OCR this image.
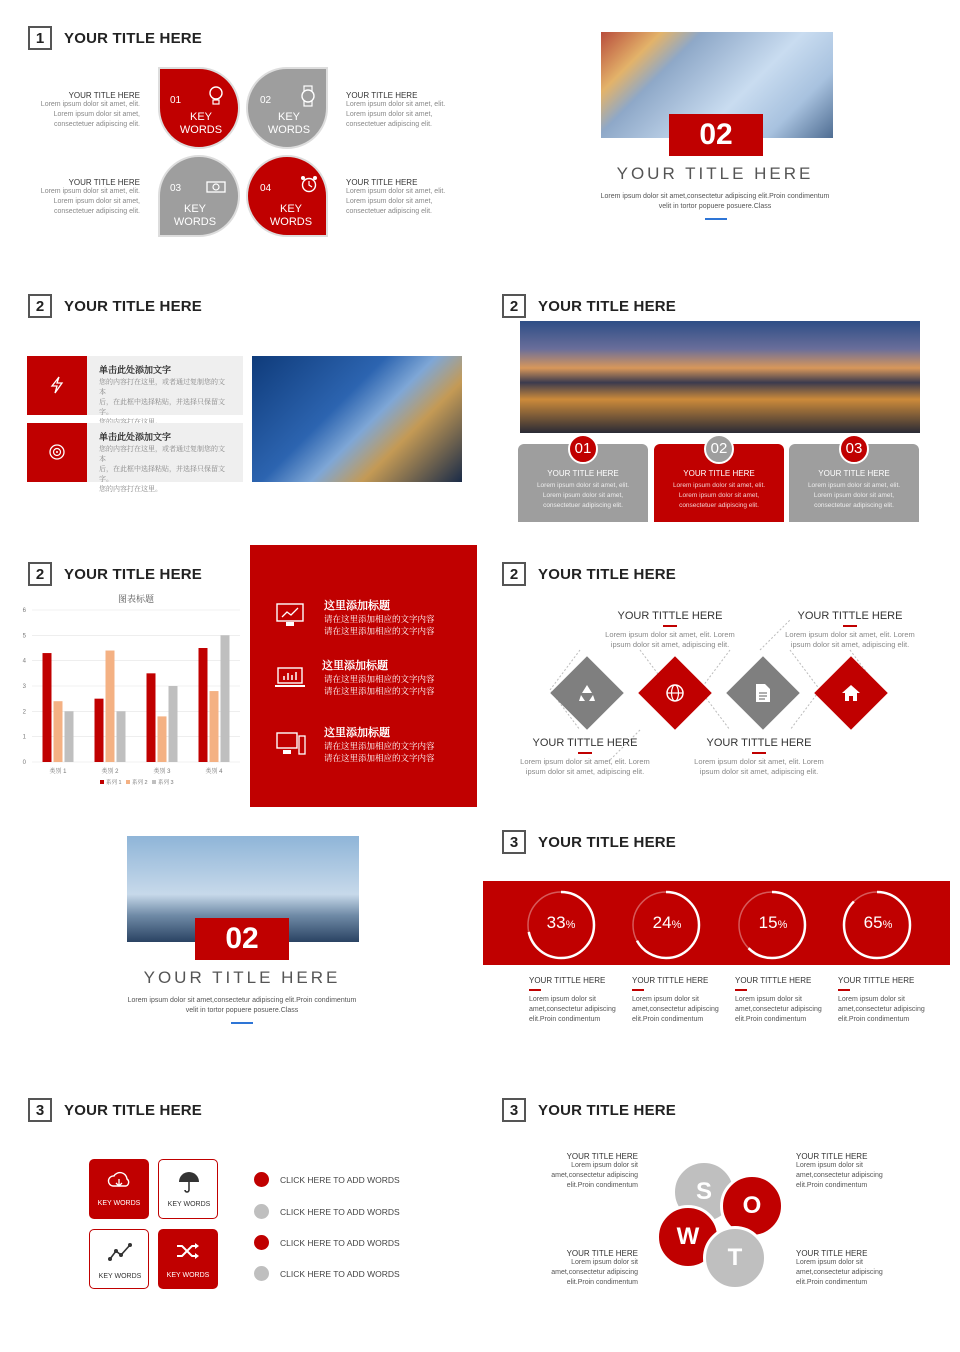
1	YOUR TITLE HERE
YOUR TITLE HERE
Lorem ipsum dolor sit amet, elit.
Lorem ipsum dolor sit amet,
consectetuer adipiscing elit.
YOUR TITLE HERE
Lorem ipsum dolor sit amet, elit.
Lorem ipsum dolor sit amet,
consectetuer adipiscing elit.
YOUR TITLE HERE
Lorem ipsum dolor sit amet, elit.
Lorem ipsum dolor sit amet,
consectetuer adipiscing elit.
YOUR TITLE HERE
Lorem ipsum dolor sit amet, elit.
Lorem ipsum dolor sit amet,
consectetuer adipiscing elit.
01
KEY
WORDS
02
KEY
WORDS
03
KEY
WORDS
04
KEY
WORDS
02
YOUR TITLE HERE
Lorem ipsum dolor sit amet,consectetur adipiscing elit.Proin condimentum
velit in tortor popuere posuere.Class
2	YOUR TITLE HERE
单击此处添加文字
您的内容打在这里，或者通过复制您的文本
后，在此框中选择粘贴，并选择只保留文字。
单击此处添加文字
您的内容打在这里，或者通过复制您的文本
后，在此框中选择粘贴，并选择只保留文字。
您的内容打在这里。
2	YOUR TITLE HERE
YOUR TITLE HERE
Lorem ipsum dolor sit amet, elit.
Lorem ipsum dolor sit amet,
consectetuer adipiscing elit.
YOUR TITLE HERE
Lorem ipsum dolor sit amet, elit.
Lorem ipsum dolor sit amet,
consectetuer adipiscing elit.
YOUR TITLE HERE
Lorem ipsum dolor sit amet, elit.
Lorem ipsum dolor sit amet,
consectetuer adipiscing elit.
01	02	03
2	YOUR TITLE HERE
图表标题
0
1
2
3
4
5
6
类别 1	类别 2	类别 3	类别 4
系列 1 系列 2 系列 3
这里添加标题
请在这里添加相应的文字内容
请在这里添加相应的文字内容
这里添加标题
请在这里添加相应的文字内容
请在这里添加相应的文字内容
这里添加标题
请在这里添加相应的文字内容
请在这里添加相应的文字内容
2	YOUR TITLE HERE
YOUR TITTLE HERE
Lorem ipsum dolor sit amet, elit. Lorem
ipsum dolor sit amet, adipiscing elit.
YOUR TITTLE HERE
Lorem ipsum dolor sit amet, elit. Lorem
ipsum dolor sit amet, adipiscing elit.
YOUR TITTLE HERE
Lorem ipsum dolor sit amet, elit. Lorem
ipsum dolor sit amet, adipiscing elit.
YOUR TITTLE HERE
Lorem ipsum dolor sit amet, elit. Lorem
ipsum dolor sit amet, adipiscing elit.
02
YOUR TITLE HERE
Lorem ipsum dolor sit amet,consectetur adipiscing elit.Proin condimentum
velit in tortor popuere posuere.Class
3	YOUR TITLE HERE
33%	24%	15%	65%
YOUR TITTLE HERE
Lorem ipsum dolor sit
amet,consectetur adipiscing
elit.Proin condimentum
YOUR TITTLE HERE
Lorem ipsum dolor sit
amet,consectetur adipiscing
elit.Proin condimentum
YOUR TITTLE HERE
Lorem ipsum dolor sit
amet,consectetur adipiscing
elit.Proin condimentum
YOUR TITTLE HERE
Lorem ipsum dolor sit
amet,consectetur adipiscing
elit.Proin condimentum
3	YOUR TITLE HERE
KEY WORDS	KEY WORDS
KEY WORDS	KEY WORDS
CLICK HERE TO ADD WORDS
CLICK HERE TO ADD WORDS
CLICK HERE TO ADD WORDS
CLICK HERE TO ADD WORDS
3	YOUR TITLE HERE
S
O
W
T
YOUR TITLE HERE
Lorem ipsum dolor sit
amet,consectetur adipiscing
elit.Proin condimentum
YOUR TITLE HERE
Lorem ipsum dolor sit
amet,consectetur adipiscing
elit.Proin condimentum
YOUR TITLE HERE
Lorem ipsum dolor sit
amet,consectetur adipiscing
elit.Proin condimentum
YOUR TITLE HERE
Lorem ipsum dolor sit
amet,consectetur adipiscing
elit.Proin condimentum
